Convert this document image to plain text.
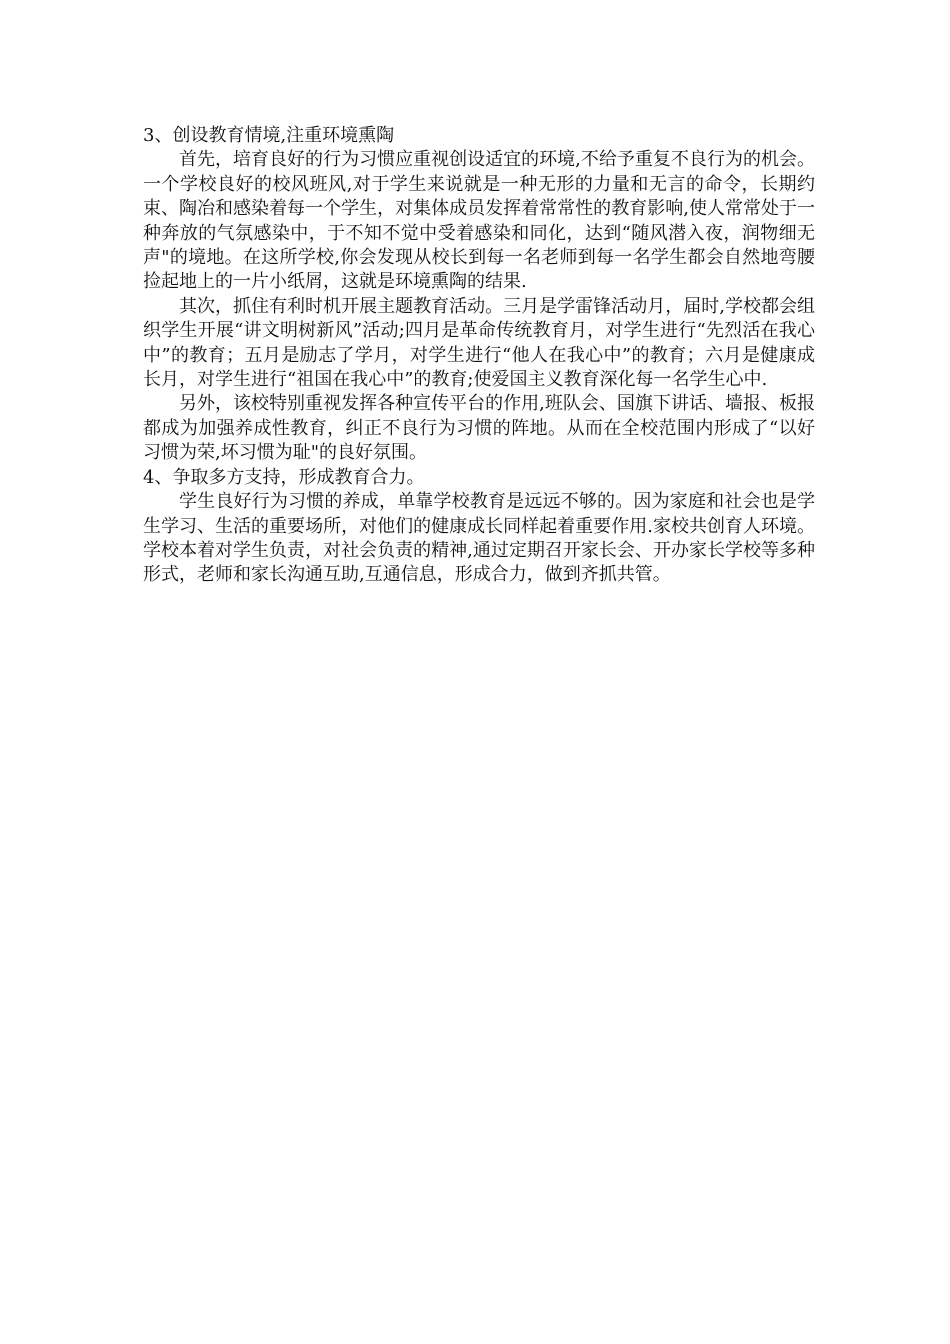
3、创设教育情境,注重环境熏陶

首先，培育良好的行为习惯应重视创设适宜的环境,不给予重复不良行为的机会。一个学校良好的校风班风,对于学生来说就是一种无形的力量和无言的命令，长期约束、陶冶和感染着每一个学生，对集体成员发挥着常常性的教育影响,使人常常处于一种奔放的气氛感染中，于不知不觉中受着感染和同化，达到“随风潜入夜，润物细无声"的境地。在这所学校,你会发现从校长到每一名老师到每一名学生都会自然地弯腰捡起地上的一片小纸屑，这就是环境熏陶的结果.

其次，抓住有利时机开展主题教育活动。三月是学雷锋活动月，届时,学校都会组织学生开展“讲文明树新风”活动;四月是革命传统教育月，对学生进行“先烈活在我心中”的教育；五月是励志了学月，对学生进行“他人在我心中”的教育；六月是健康成长月，对学生进行“祖国在我心中”的教育;使爱国主义教育深化每一名学生心中.

另外，该校特别重视发挥各种宣传平台的作用,班队会、国旗下讲话、墙报、板报都成为加强养成性教育，纠正不良行为习惯的阵地。从而在全校范围内形成了“以好习惯为荣,坏习惯为耻"的良好氛围。

4、争取多方支持，形成教育合力。

学生良好行为习惯的养成，单靠学校教育是远远不够的。因为家庭和社会也是学生学习、生活的重要场所，对他们的健康成长同样起着重要作用.家校共创育人环境。学校本着对学生负责，对社会负责的精神,通过定期召开家长会、开办家长学校等多种形式，老师和家长沟通互助,互通信息，形成合力，做到齐抓共管。
